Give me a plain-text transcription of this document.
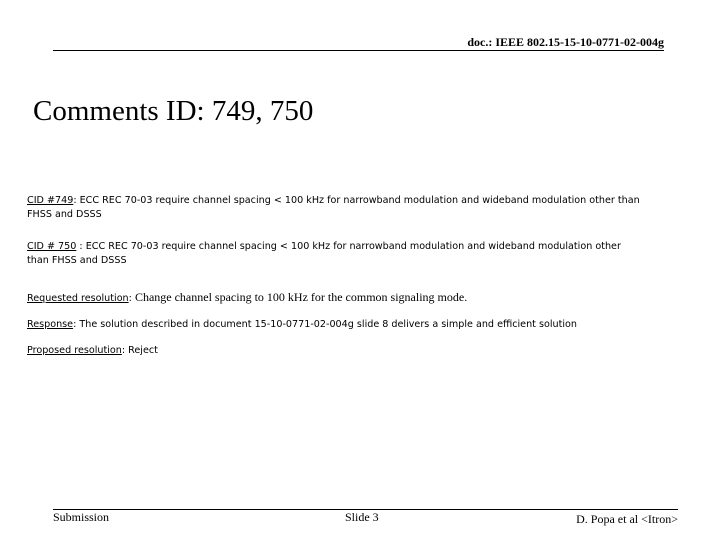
doc.: IEEE 802.15-15-10-0771-02-004g
Comments ID: 749, 750

CID #749: ECC REC 70-03 require channel spacing < 100 kHz for narrowband modulation and wideband modulation other than FHSS and DSSS

CID # 750 : ECC REC 70-03 require channel spacing < 100 kHz for narrowband modulation and wideband modulation other than FHSS and DSSS

Requested resolution: Change channel spacing to 100 kHz for the common signaling mode.

Response: The solution described in document 15-10-0771-02-004g slide 8 delivers a simple and efficient solution

Proposed resolution: Reject

Submission	Slide 3	D. Popa et al <Itron>
